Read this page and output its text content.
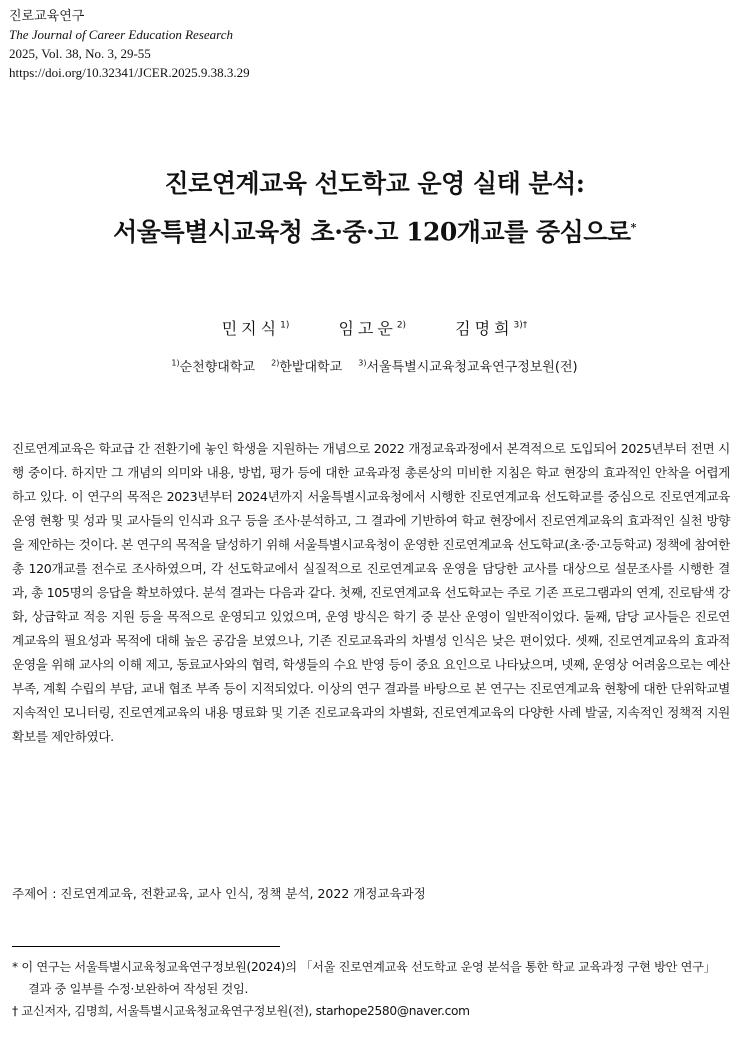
진로교육연구
The Journal of Career Education Research
2025, Vol. 38, No. 3, 29-55
https://doi.org/10.32341/JCER.2025.9.38.3.29
진로연계교육 선도학교 운영 실태 분석:
서울특별시교육청 초·중·고 120개교를 중심으로*
민지식$^{1)}$	임고운$^{2)}$	김명희$^{3)\dagger}$
$^{1)}$순천향대학교 $^{2)}$한밭대학교 $^{3)}$서울특별시교육청교육연구정보원(전)
진로연계교육은 학교급 간 전환기에 놓인 학생을 지원하는 개념으로 2022 개정교육과정에서 본격적으로 도입되어 2025년부터 전면 시행 중이다. 하지만 그 개념의 의미와 내용, 방법, 평가 등에 대한 교육과정 총론상의 미비한 지침은 학교 현장의 효과적인 안착을 어렵게 하고 있다. 이 연구의 목적은 2023년부터 2024년까지 서울특별시교육청에서 시행한 진로연계교육 선도학교를 중심으로 진로연계교육 운영 현황 및 성과 및 교사들의 인식과 요구 등을 조사·분석하고, 그 결과에 기반하여 학교 현장에서 진로연계교육의 효과적인 실천 방향을 제안하는 것이다. 본 연구의 목적을 달성하기 위해 서울특별시교육청이 운영한 진로연계교육 선도학교(초·중·고등학교) 정책에 참여한 총 120개교를 전수로 조사하였으며, 각 선도학교에서 실질적으로 진로연계교육 운영을 담당한 교사를 대상으로 설문조사를 시행한 결과, 총 105명의 응답을 확보하였다. 분석 결과는 다음과 같다. 첫째, 진로연계교육 선도학교는 주로 기존 프로그램과의 연계, 진로탐색 강화, 상급학교 적응 지원 등을 목적으로 운영되고 있었으며, 운영 방식은 학기 중 분산 운영이 일반적이었다. 둘째, 담당 교사들은 진로연계교육의 필요성과 목적에 대해 높은 공감을 보였으나, 기존 진로교육과의 차별성 인식은 낮은 편이었다. 셋째, 진로연계교육의 효과적 운영을 위해 교사의 이해 제고, 동료교사와의 협력, 학생들의 수요 반영 등이 중요 요인으로 나타났으며, 넷째, 운영상 어려움으로는 예산 부족, 계획 수립의 부담, 교내 협조 부족 등이 지적되었다. 이상의 연구 결과를 바탕으로 본 연구는 진로연계교육 현황에 대한 단위학교별 지속적인 모니터링, 진로연계교육의 내용 명료화 및 기존 진로교육과의 차별화, 진로연계교육의 다양한 사례 발굴, 지속적인 정책적 지원 확보를 제안하였다.
주제어 : 진로연계교육, 전환교육, 교사 인식, 정책 분석, 2022 개정교육과정
* 이 연구는 서울특별시교육청교육연구정보원(2024)의 「서울 진로연계교육 선도학교 운영 분석을 통한 학교 교육과정 구현 방안 연구」 결과 중 일부를 수정·보완하여 작성된 것임.
† 교신저자, 김명희, 서울특별시교육청교육연구정보원(전), starhope2580@naver.com
